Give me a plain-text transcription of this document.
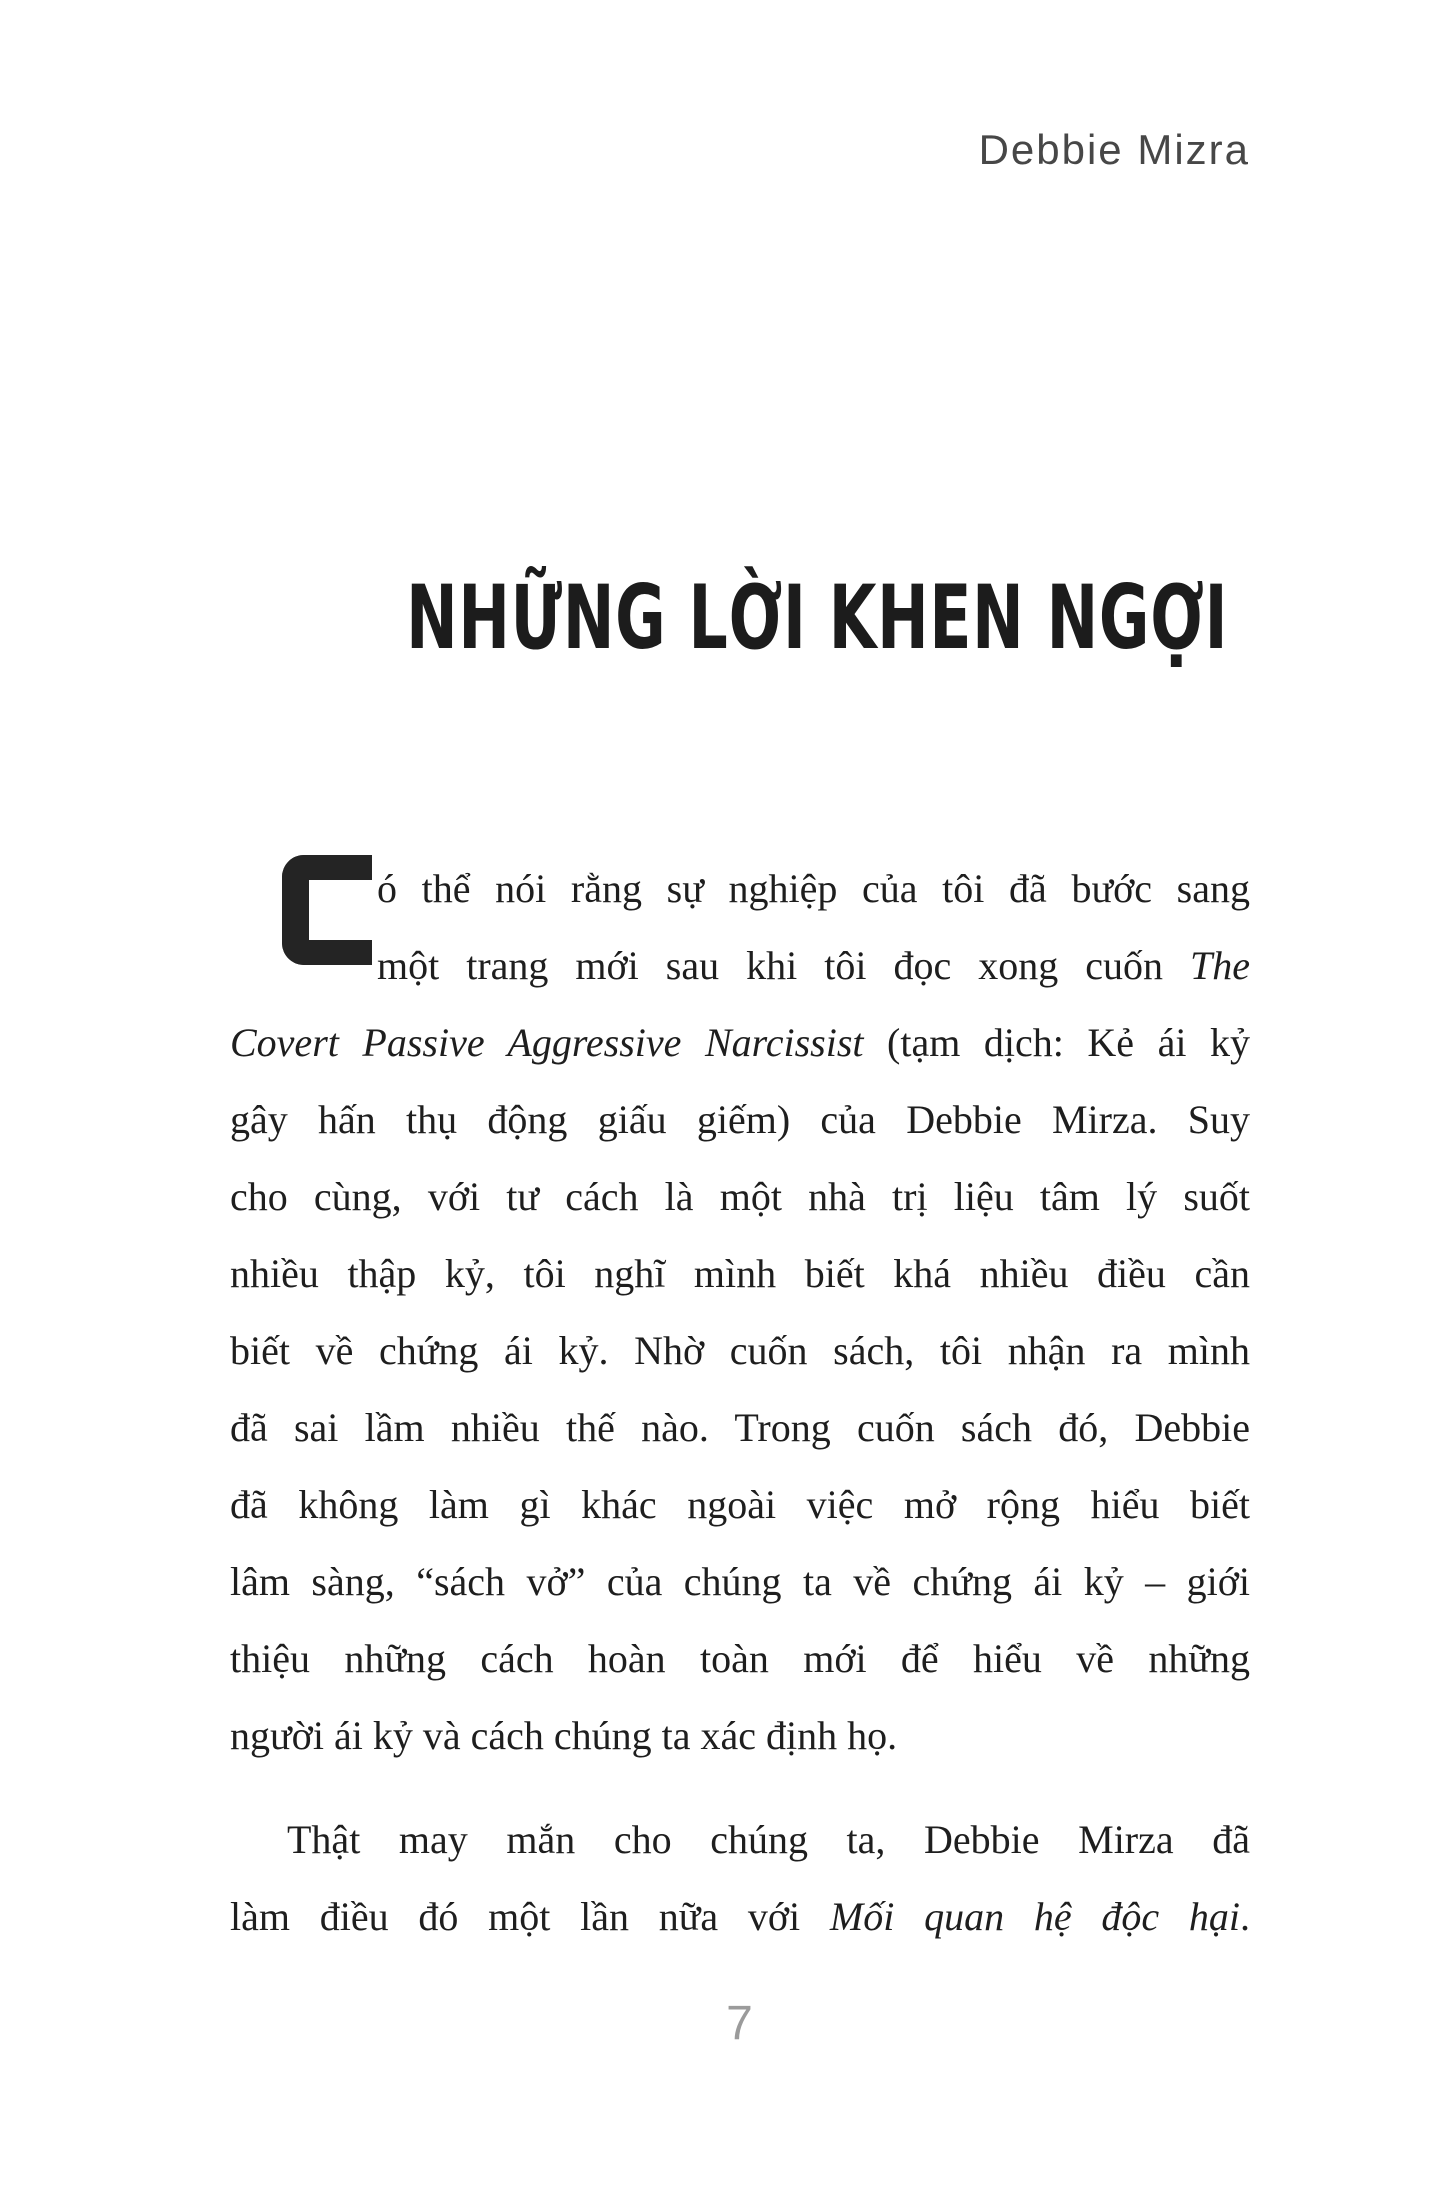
Debbie Mizra
NHỮNG LỜI KHEN NGỢI
ó thể nói rằng sự nghiệp của tôi đã bước sang
một trang mới sau khi tôi đọc xong cuốn The
Covert Passive Aggressive Narcissist (tạm dịch: Kẻ ái kỷ
gây hấn thụ động giấu giếm) của Debbie Mirza. Suy
cho cùng, với tư cách là một nhà trị liệu tâm lý suốt
nhiều thập kỷ, tôi nghĩ mình biết khá nhiều điều cần
biết về chứng ái kỷ. Nhờ cuốn sách, tôi nhận ra mình
đã sai lầm nhiều thế nào. Trong cuốn sách đó, Debbie
đã không làm gì khác ngoài việc mở rộng hiểu biết
lâm sàng, “sách vở” của chúng ta về chứng ái kỷ – giới
thiệu những cách hoàn toàn mới để hiểu về những
người ái kỷ và cách chúng ta xác định họ.
Thật may mắn cho chúng ta, Debbie Mirza đã
làm điều đó một lần nữa với Mối quan hệ độc hại.
7
